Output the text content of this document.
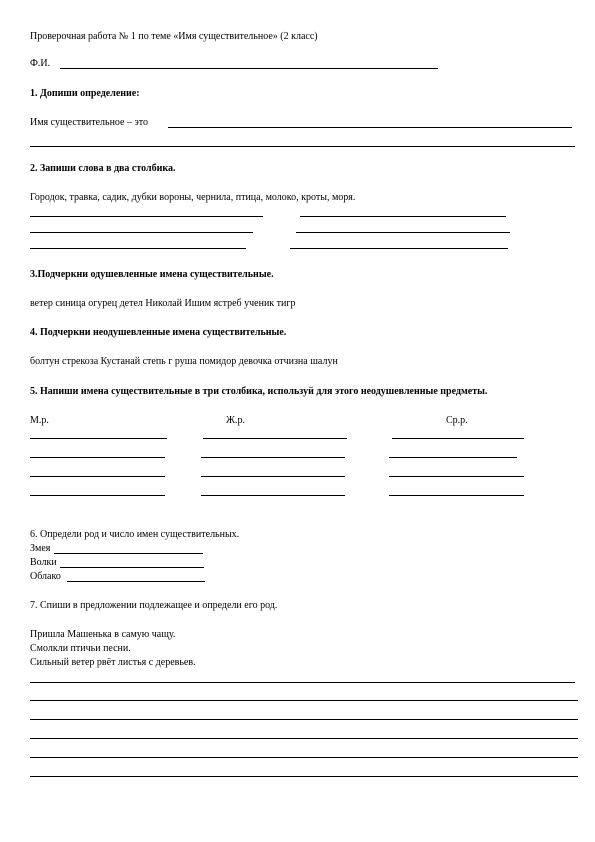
Проверочная работа № 1 по теме «Имя существительное» (2 класс)
Ф.И.
1. Допиши определение:
Имя существительное – это
2. Запиши слова в два столбика.
Городок, травка, садик, дубки вороны, чернила, птица, молоко, кроты, моря.
3.Подчеркни одушевленные имена существительные.
ветер синица огурец детел Николай Ишим ястреб ученик тигр
4. Подчеркни неодушевленные имена существительные.
болтун стрекоза Кустанай степь г руша помидор девочка отчизна шалун
5. Напиши имена существительные в три столбика, используй для этого неодушевленные предметы.
М.р.	Ж.р.	Ср.р.
6. Определи род и число имен существительных.
Змея
Волки
Облако
7. Спиши в предложении подлежащее и определи его род.
Пришла Машенька в самую чащу.
Смолкли птичьи песни.
Сильный ветер рвёт листья с деревьев.
